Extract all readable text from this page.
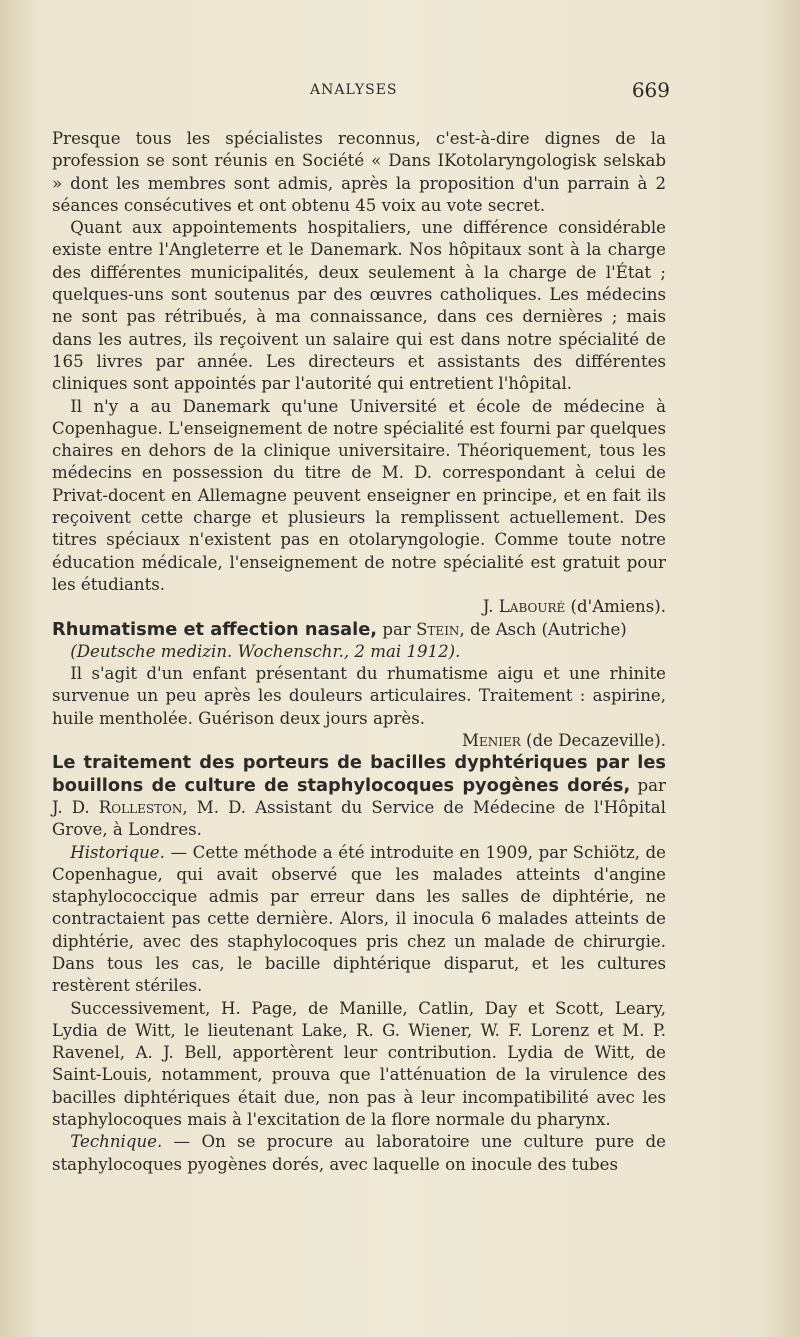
ANALYSES	669

Presque tous les spécialistes reconnus, c'est-à-dire dignes de la profession se sont réunis en Société « Dans IKotolaryngologisk selskab » dont les membres sont admis, après la proposition d'un parrain à 2 séances consécutives et ont obtenu 45 voix au vote secret.

Quant aux appointements hospitaliers, une différence considérable existe entre l'Angleterre et le Danemark. Nos hôpitaux sont à la charge des différentes municipalités, deux seulement à la charge de l'État ; quelques-uns sont soutenus par des œuvres catholiques. Les médecins ne sont pas rétribués, à ma connaissance, dans ces dernières ; mais dans les autres, ils reçoivent un salaire qui est dans notre spécialité de 165 livres par année. Les directeurs et assistants des différentes cliniques sont appointés par l'autorité qui entretient l'hôpital.

Il n'y a au Danemark qu'une Université et école de médecine à Copenhague. L'enseignement de notre spécialité est fourni par quelques chaires en dehors de la clinique universitaire. Théoriquement, tous les médecins en possession du titre de M. D. correspondant à celui de Privat-docent en Allemagne peuvent enseigner en principe, et en fait ils reçoivent cette charge et plusieurs la remplissent actuellement. Des titres spéciaux n'existent pas en otolaryngologie. Comme toute notre éducation médicale, l'enseignement de notre spécialité est gratuit pour les étudiants.

J. Labouré (d'Amiens).

Rhumatisme et affection nasale, par Stein, de Asch (Autriche)

(Deutsche medizin. Wochenschr., 2 mai 1912).

Il s'agit d'un enfant présentant du rhumatisme aigu et une rhinite survenue un peu après les douleurs articulaires. Traitement : aspirine, huile mentholée. Guérison deux jours après.

Menier (de Decazeville).

Le traitement des porteurs de bacilles dyphtériques par les bouillons de culture de staphylocoques pyogènes dorés, par J. D. Rolleston, M. D. Assistant du Service de Médecine de l'Hôpital Grove, à Londres.

Historique. — Cette méthode a été introduite en 1909, par Schiötz, de Copenhague, qui avait observé que les malades atteints d'angine staphylococcique admis par erreur dans les salles de diphtérie, ne contractaient pas cette dernière. Alors, il inocula 6 malades atteints de diphtérie, avec des staphylocoques pris chez un malade de chirurgie. Dans tous les cas, le bacille diphtérique disparut, et les cultures restèrent stériles.

Successivement, H. Page, de Manille, Catlin, Day et Scott, Leary, Lydia de Witt, le lieutenant Lake, R. G. Wiener, W. F. Lorenz et M. P. Ravenel, A. J. Bell, apportèrent leur contribution. Lydia de Witt, de Saint-Louis, notamment, prouva que l'atténuation de la virulence des bacilles diphtériques était due, non pas à leur incompatibilité avec les staphylocoques mais à l'excitation de la flore normale du pharynx.

Technique. — On se procure au laboratoire une culture pure de staphylocoques pyogènes dorés, avec laquelle on inocule des tubes
